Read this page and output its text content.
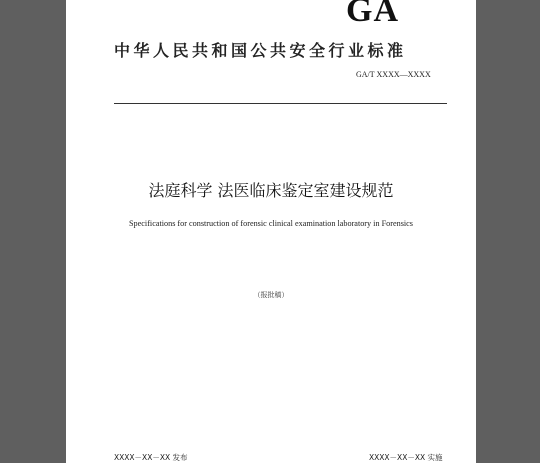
GA
中华人民共和国公共安全行业标准
GA/T XXXX—XXXX
法庭科学 法医临床鉴定室建设规范
Specifications for construction of forensic clinical examination laboratory in Forensics
（报批稿）
XXXX－XX－XX 发布	XXXX－XX－XX 实施
